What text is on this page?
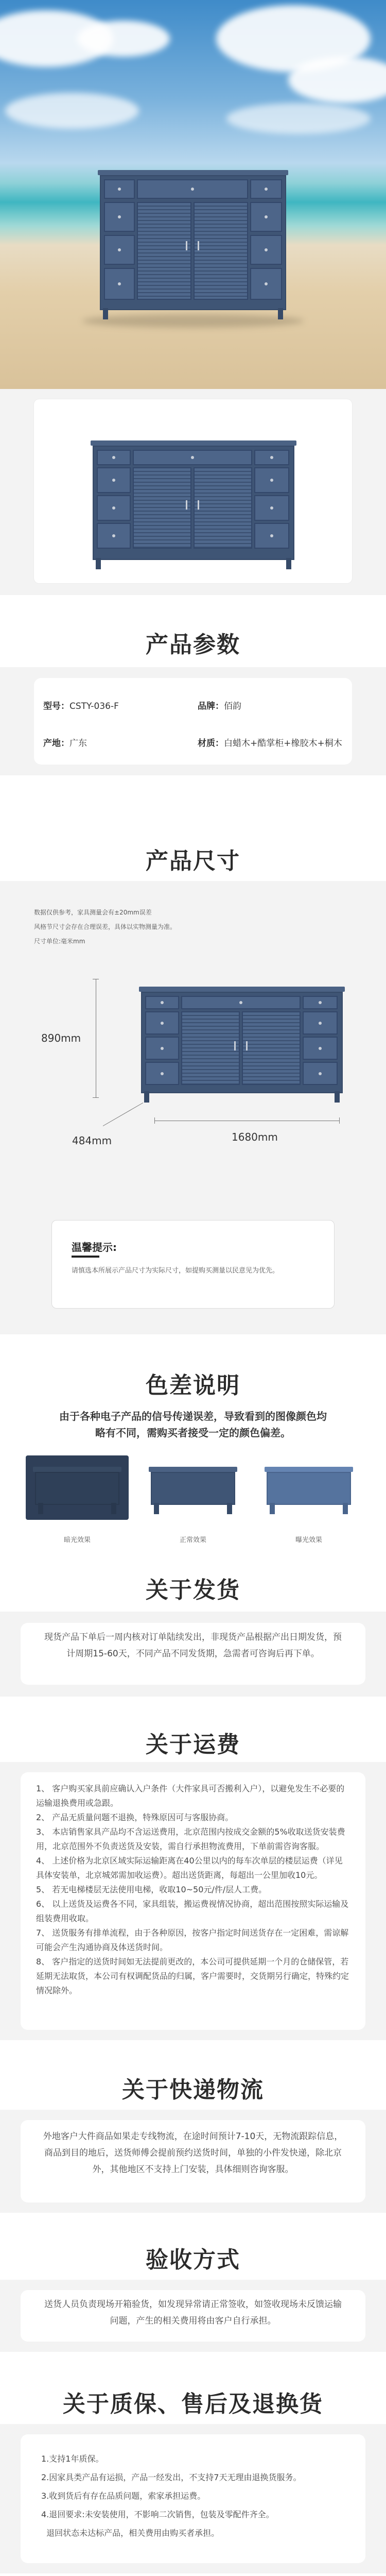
产品参数
型号：CSTY-036-F	品牌：佰韵
产地：广东	材质：白蜡木+酷掌柜+橡胶木+桐木
产品尺寸
数据仅供参考，家具测量会有±20mm误差
风格节尺寸会存在合理误差，具体以实物测量为准。
尺寸单位:毫米mm
890mm
484mm	1680mm
温馨提示:
请慎选本所展示产品尺寸为实际尺寸，如提购买测量以民意见为优先。
色差说明
由于各种电子产品的信号传递误差，导致看到的图像颜色均略有不同，需购买者接受一定的颜色偏差。
暗光效果	正常效果	曝光效果
关于发货
现货产品下单后一周内核对订单陆续发出，非现货产品根据产出日期发货，预计周期15-60天，不同产品不同发货期，急需者可咨询后再下单。
关于运费
1、 客户购买家具前应确认入户条件（大件家具可否搬利入户），以避免发生不必要的运输退换费用或急跟。
2、 产品无质量问题不退换，特殊原因可与客服协商。
3、 本店销售家具产品均不含运送费用，北京范围内按成交金额的5%收取送货安装费用，北京范围外不负责送货及安装，需自行承担物流费用，下单前需咨询客服。
4、 上述价格为北京区域实际运输距离在40公里以内的每车次单层的楼层运费（详见具体安装单，北京城郊需加收运费）。超出送货距离，每超出一公里加收10元。
5、 若无电梯楼层无法使用电梯，收取10~50元/件/层人工费。
6、 以上送货及运费各不同，家具组装，搬运费视情况协商，超出范围按照实际运输及组装费用收取。
7、 送货服务有排单流程，由于各种原因，按客户指定时间送货存在一定困难，需谅解可能会产生沟通协商及体送货时间。
8、 客户指定的送货时间如无法提前更改的，本公司可提供延期一个月的仓储保管，若延期无法取货，本公司有权调配货品的归属，客户需要时，交货期另行确定，特殊约定情况除外。
关于快递物流
外地客户大件商品如果走专线物流，在途时间预计7-10天，无物流跟踪信息，商品到目的地后，送货师傅会提前预约送货时间，单独的小件发快递，除北京外，其他地区不支持上门安装，具体细则咨询客服。
验收方式
送货人员负责现场开箱验货，如发现异常请正常签收，如签收现场未反馈运输问题，产生的相关费用将由客户自行承担。
关于质保、售后及退换货
1.支持1年质保。
2.因家具类产品有运损，产品一经发出，不支持7天无理由退换货服务。
3.收到货后有存在品质问题，索家承担运费。
4.退回要求:未安装使用，不影响二次销售，包装及零配件齐全。
退回状态未达标产品，相关费用由购买者承担。
